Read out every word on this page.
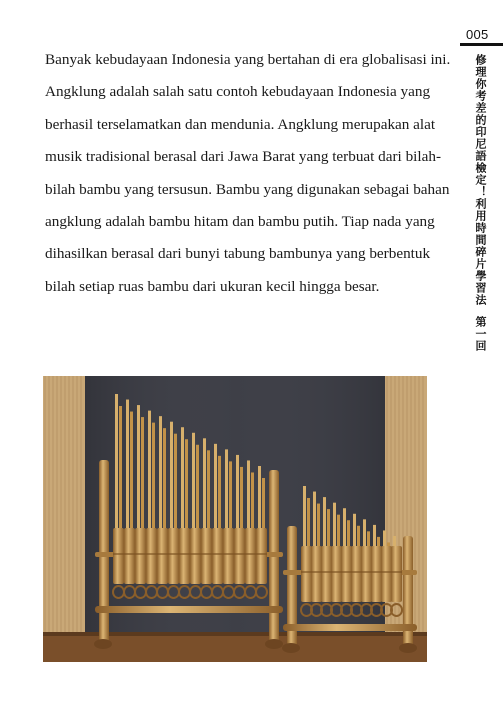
005
修理你考差的印尼語檢定！利用時間碎片學習法第一回

Banyak kebudayaan Indonesia yang bertahan di era globalisasi ini. Angklung adalah salah satu contoh kebudayaan Indonesia yang berhasil terselamatkan dan mendunia. Angklung merupakan alat musik tradisional berasal dari Jawa Barat yang terbuat dari bilah-bilah bambu yang tersusun. Bambu yang digunakan sebagai bahan angklung adalah bambu hitam dan bambu putih. Tiap nada yang dihasilkan berasal dari bunyi tabung bambunya yang berbentuk bilah setiap ruas bambu dari ukuran kecil hingga besar.
